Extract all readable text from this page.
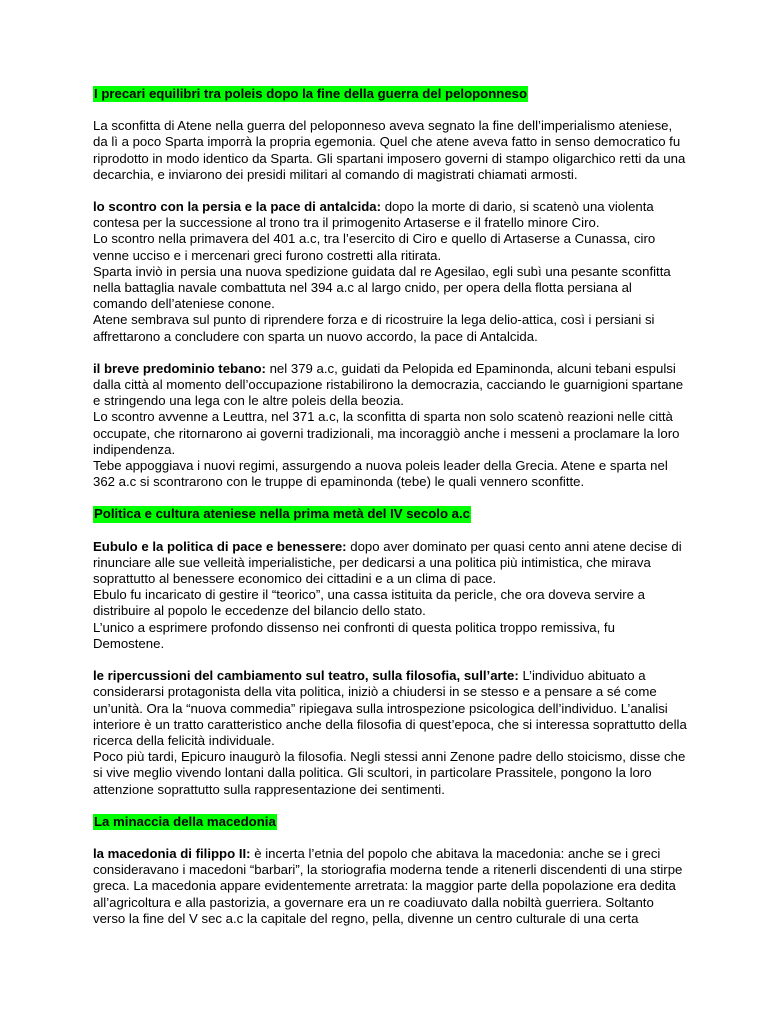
I precari equilibri tra poleis dopo la fine della guerra del peloponneso
La sconfitta di Atene nella guerra del peloponneso aveva segnato la fine dell’imperialismo ateniese,
da lì a poco Sparta imporrà la propria egemonia. Quel che atene aveva fatto in senso democratico fu
riprodotto in modo identico da Sparta. Gli spartani imposero governi di stampo oligarchico retti da una
decarchia, e inviarono dei presidi militari al comando di magistrati chiamati armosti.
lo scontro con la persia e la pace di antalcida: dopo la morte di dario, si scatenò una violenta
contesa per la successione al trono tra il primogenito Artaserse e il fratello minore Ciro.
Lo scontro nella primavera del 401 a.c, tra l’esercito di Ciro e quello di Artaserse a Cunassa, ciro
venne ucciso e i mercenari greci furono costretti alla ritirata.
Sparta inviò in persia una nuova spedizione guidata dal re Agesilao, egli subì una pesante sconfitta
nella battaglia navale combattuta nel 394 a.c al largo cnido, per opera della flotta persiana al
comando dell’ateniese conone.
Atene sembrava sul punto di riprendere forza e di ricostruire la lega delio-attica, così i persiani si
affrettarono a concludere con sparta un nuovo accordo, la pace di Antalcida.
il breve predominio tebano: nel 379 a.c, guidati da Pelopida ed Epaminonda, alcuni tebani espulsi
dalla città al momento dell’occupazione ristabilirono la democrazia, cacciando le guarnigioni spartane
e stringendo una lega con le altre poleis della beozia.
Lo scontro avvenne a Leuttra, nel 371 a.c, la sconfitta di sparta non solo scatenò reazioni nelle città
occupate, che ritornarono ai governi tradizionali, ma incoraggiò anche i messeni a proclamare la loro
indipendenza.
Tebe appoggiava i nuovi regimi, assurgendo a nuova poleis leader della Grecia. Atene e sparta nel
362 a.c si scontrarono con le truppe di epaminonda (tebe) le quali vennero sconfitte.
Politica e cultura ateniese nella prima metà del IV secolo a.c
Eubulo e la politica di pace e benessere: dopo aver dominato per quasi cento anni atene decise di
rinunciare alle sue velleità imperialistiche, per dedicarsi a una politica più intimistica, che mirava
soprattutto al benessere economico dei cittadini e a un clima di pace.
Ebulo fu incaricato di gestire il “teorico”, una cassa istituita da pericle, che ora doveva servire a
distribuire al popolo le eccedenze del bilancio dello stato.
L’unico a esprimere profondo dissenso nei confronti di questa politica troppo remissiva, fu
Demostene.
le ripercussioni del cambiamento sul teatro, sulla filosofia, sull’arte: L’individuo abituato a
considerarsi protagonista della vita politica, iniziò a chiudersi in se stesso e a pensare a sé come
un’unità. Ora la “nuova commedia” ripiegava sulla introspezione psicologica dell’individuo. L’analisi
interiore è un tratto caratteristico anche della filosofia di quest’epoca, che si interessa soprattutto della
ricerca della felicità individuale.
Poco più tardi, Epicuro inaugurò la filosofia. Negli stessi anni Zenone padre dello stoicismo, disse che
si vive meglio vivendo lontani dalla politica. Gli scultori, in particolare Prassitele, pongono la loro
attenzione soprattutto sulla rappresentazione dei sentimenti.
La minaccia della macedonia
la macedonia di filippo II: è incerta l’etnia del popolo che abitava la macedonia: anche se i greci
consideravano i macedoni “barbari”, la storiografia moderna tende a ritenerli discendenti di una stirpe
greca. La macedonia appare evidentemente arretrata: la maggior parte della popolazione era dedita
all’agricoltura e alla pastorizia, a governare era un re coadiuvato dalla nobiltà guerriera. Soltanto
verso la fine del V sec a.c la capitale del regno, pella, divenne un centro culturale di una certa
